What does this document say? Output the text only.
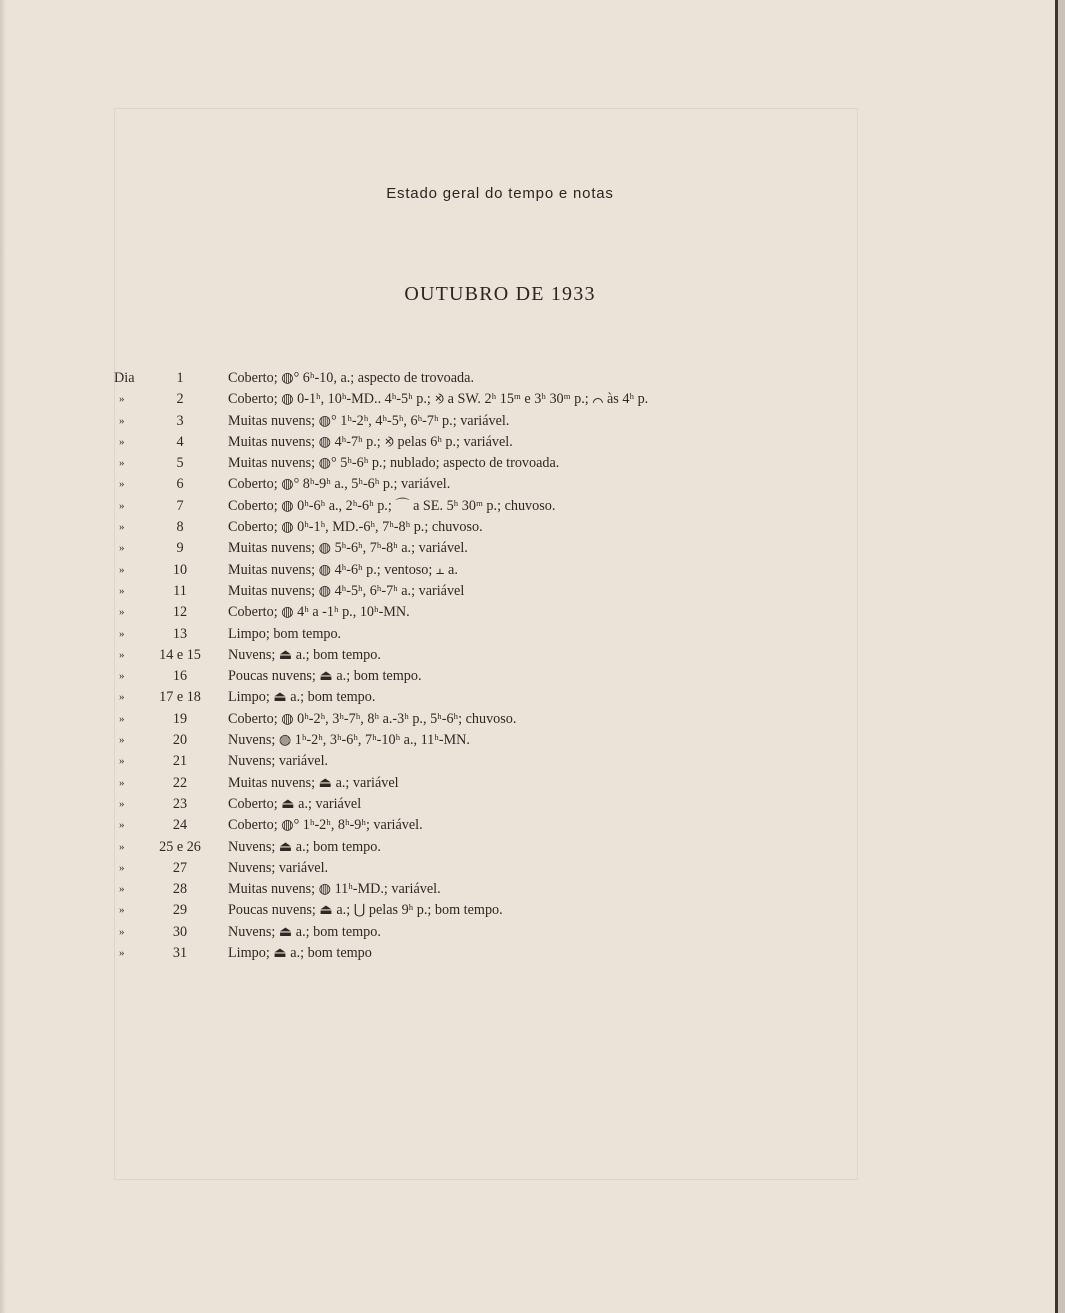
Estado geral do tempo e notas
OUTUBRO DE 1933
Dia	1	Coberto; ◍° 6ʰ-10, a.; aspecto de trovoada.
»	2	Coberto; ◍ 0-1ʰ, 10ʰ-MD.. 4ʰ-5ʰ p.; ⨵ a SW. 2ʰ 15ᵐ e 3ʰ 30ᵐ p.; ⌒ às 4ʰ p.
»	3	Muitas nuvens; ◍° 1ʰ-2ʰ, 4ʰ-5ʰ, 6ʰ-7ʰ p.; variável.
»	4	Muitas nuvens; ◍ 4ʰ-7ʰ p.; ⨵ pelas 6ʰ p.; variável.
»	5	Muitas nuvens; ◍° 5ʰ-6ʰ p.; nublado; aspecto de trovoada.
»	6	Coberto; ◍° 8ʰ-9ʰ a., 5ʰ-6ʰ p.; variável.
»	7	Coberto; ◍ 0ʰ-6ʰ a., 2ʰ-6ʰ p.; ⌒ a SE. 5ʰ 30ᵐ p.; chuvoso.
»	8	Coberto; ◍ 0ʰ-1ʰ, MD.-6ʰ, 7ʰ-8ʰ p.; chuvoso.
»	9	Muitas nuvens; ◍ 5ʰ-6ʰ, 7ʰ-8ʰ a.; variável.
»	10	Muitas nuvens; ◍ 4ʰ-6ʰ p.; ventoso; ⫠ a.
»	11	Muitas nuvens; ◍ 4ʰ-5ʰ, 6ʰ-7ʰ a.; variável
»	12	Coberto; ◍ 4ʰ a -1ʰ p., 10ʰ-MN.
»	13	Limpo; bom tempo.
»	14 e 15	Nuvens; ⏏ a.; bom tempo.
»	16	Poucas nuvens; ⏏ a.; bom tempo.
»	17 e 18	Limpo; ⏏ a.; bom tempo.
»	19	Coberto; ◍ 0ʰ-2ʰ, 3ʰ-7ʰ, 8ʰ a.-3ʰ p., 5ʰ-6ʰ; chuvoso.
»	20	Nuvens; ◍ 1ʰ-2ʰ, 3ʰ-6ʰ, 7ʰ-10ʰ a., 11ʰ-MN.
»	21	Nuvens; variável.
»	22	Muitas nuvens; ⏏ a.; variável
»	23	Coberto; ⏏ a.; variável
»	24	Coberto; ◍° 1ʰ-2ʰ, 8ʰ-9ʰ; variável.
»	25 e 26	Nuvens; ⏏ a.; bom tempo.
»	27	Nuvens; variável.
»	28	Muitas nuvens; ◍ 11ʰ-MD.; variável.
»	29	Poucas nuvens; ⏏ a.; ⋃ pelas 9ʰ p.; bom tempo.
»	30	Nuvens; ⏏ a.; bom tempo.
»	31	Limpo; ⏏ a.; bom tempo
